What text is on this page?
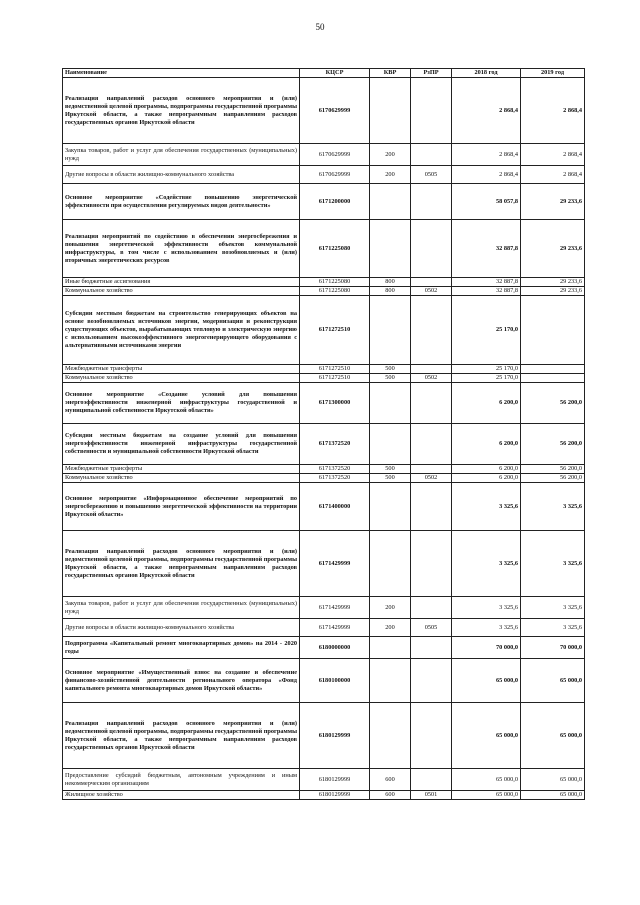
50
Наименование	КЦСР	КВР	РзПР	2018 год	2019 год
Реализация направлений расходов основного мероприятия и (или) ведомственной целевой программы, подпрограммы государственной программы Иркутской области, а также непрограммным направлениям расходов государственных органов Иркутской области	6170629999			2 868,4	2 868,4
Закупка товаров, работ и услуг для обеспечения государственных (муниципальных) нужд	6170629999	200		2 868,4	2 868,4
Другие вопросы в области жилищно-коммунального хозяйства	6170629999	200	0505	2 868,4	2 868,4
Основное мероприятие «Содействие повышению энергетической эффективности при осуществлении регулируемых видов деятельности»	6171200000			58 057,8	29 233,6
Реализация мероприятий по содействию в обеспечении энергосбережения и повышения энергетической эффективности объектов коммунальной инфраструктуры, в том числе с использованием возобновляемых и (или) вторичных энергетических ресурсов	6171225080			32 887,8	29 233,6
Иные бюджетные ассигнования	6171225080	800		32 887,8	29 233,6
Коммунальное хозяйство	6171225080	800	0502	32 887,8	29 233,6
Субсидии местным бюджетам на строительство генерирующих объектов на основе возобновляемых источников энергии, модернизация и реконструкция существующих объектов, вырабатывающих тепловую и электрическую энергию с использованием высокоэффективного энергогенерирующего оборудования с альтернативными источниками энергии	6171272510			25 170,0	
Межбюджетные трансферты	6171272510	500		25 170,0	
Коммунальное хозяйство	6171272510	500	0502	25 170,0	
Основное мероприятие «Создание условий для повышения энергоэффективности инженерной инфраструктуры государственной и муниципальной собственности Иркутской области»	6171300000			6 200,0	56 200,0
Субсидии местным бюджетам на создание условий для повышения энергоэффективности инженерной инфраструктуры государственной собственности и муниципальной собственности Иркутской области	6171372520			6 200,0	56 200,0
Межбюджетные трансферты	6171372520	500		6 200,0	56 200,0
Коммунальное хозяйство	6171372520	500	0502	6 200,0	56 200,0
Основное мероприятие «Информационное обеспечение мероприятий по энергосбережению и повышению энергетической эффективности на территории Иркутской области»	6171400000			3 325,6	3 325,6
Реализация направлений расходов основного мероприятия и (или) ведомственной целевой программы, подпрограммы государственной программы Иркутской области, а также непрограммным направлениям расходов государственных органов Иркутской области	6171429999			3 325,6	3 325,6
Закупка товаров, работ и услуг для обеспечения государственных (муниципальных) нужд	6171429999	200		3 325,6	3 325,6
Другие вопросы в области жилищно-коммунального хозяйства	6171429999	200	0505	3 325,6	3 325,6
Подпрограмма «Капитальный ремонт многоквартирных домов» на 2014 - 2020 годы	6180000000			70 000,0	70 000,0
Основное мероприятие «Имущественный взнос на создание и обеспечение финансово-хозяйственной деятельности регионального оператора «Фонд капитального ремонта многоквартирных домов Иркутской области»	6180100000			65 000,0	65 000,0
Реализация направлений расходов основного мероприятия и (или) ведомственной целевой программы, подпрограммы государственной программы Иркутской области, а также непрограммным направлениям расходов государственных органов Иркутской области	6180129999			65 000,0	65 000,0
Предоставление субсидий бюджетным, автономным учреждениям и иным некоммерческим организациям	6180129999	600		65 000,0	65 000,0
Жилищное хозяйство	6180129999	600	0501	65 000,0	65 000,0
